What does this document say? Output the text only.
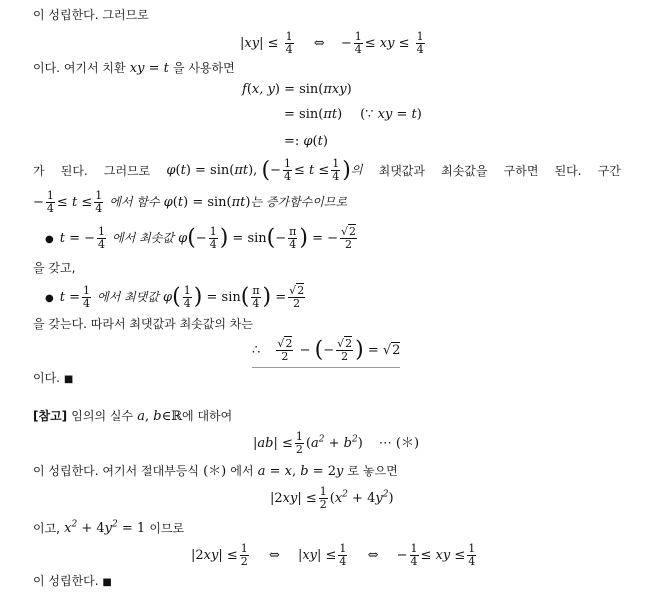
이 성립한다. 그러므로
$|xy| \le \frac{1}{4}$ ⇔ − $\frac{1}{4}$ ≤ xy ≤ $\frac{1}{4}$
이다. 여기서 치환 xy = t 을 사용하면
f(x, y) = sin(πxy)
= sin(πt) (∵ xy = t)
=: φ(t)
가 된다. 그러므로 φ(t) = sin(πt), (− $\frac{1}{4} \le t \le \frac{1}{4}$ )의 최댓값과 최솟값을 구하면 된다. 구간
− $\frac{1}{4} \le t \le \frac{1}{4}$ 에서 함수 φ(t) = sin(πt)는 증가함수이므로
● t = − $\frac{1}{4}$ 에서 최솟값 $\varphi(- \frac{1}{4}$ ) = $\sin(- \frac{\pi}{4}$ ) = − $\frac{√2}{2}$
을 갖고,
● $t = \frac{1}{4}$ 에서 최댓값 $\varphi( \frac{1}{4}$ ) = $\sin( \frac{\pi}{4}$ ) = $\frac{√2}{2}$
을 갖는다. 따라서 최댓값과 최솟값의 차는
∴ $\frac{√2}{2}$ − (− $\frac{√2}{2}$ ) = √2
이다. ■
[참고] 임의의 실수 a, b∈ℝ에 대하여
$|ab| \le \frac{1}{2} (a^2 + b^2)$ ⋯ (＊)
이 성립한다. 여기서 절대부등식 (＊) 에서 a = x, b = 2y 로 놓으면
$|2xy| \le \frac{1}{2} (x^2 + 4y^2)$
이고, $x^2 + 4y^2 = 1$ 이므로
$|2xy| \le \frac{1}{2}$ ⇔ $|xy| \le \frac{1}{4}$ ⇔ − $\frac{1}{4}$ ≤ xy ≤ $\frac{1}{4}$
이 성립한다. ■
